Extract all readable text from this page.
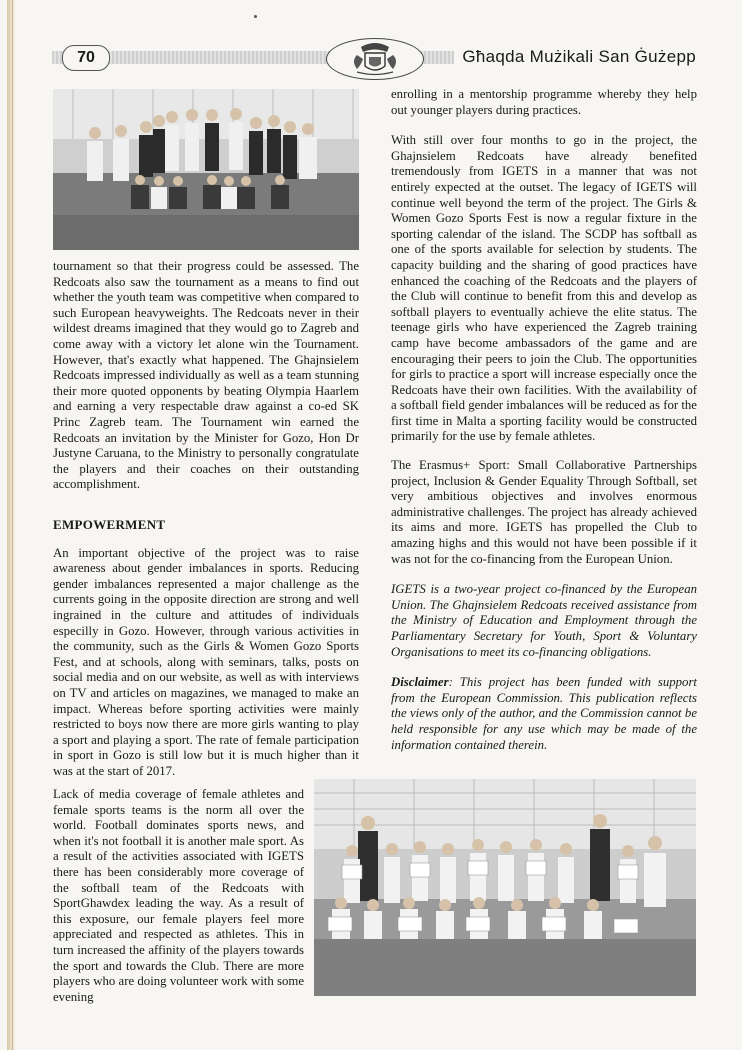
70	Għaqda Mużikali San Ġużepp

tournament so that their progress could be assessed. The Redcoats also saw the tournament as a means to find out whether the youth team was competitive when compared to such European heavyweights. The Redcoats never in their wildest dreams imagined that they would go to Zagreb and come away with a victory let alone win the Tournament. However, that's exactly what happened. The Ghajnsielem Redcoats impressed individually as well as a team stunning their more quoted opponents by beating Olympia Haarlem and earning a very respectable draw against a co-ed SK Princ Zagreb team. The Tournament win earned the Redcoats an invitation by the Minister for Gozo, Hon Dr Justyne Caruana, to the Ministry to personally congratulate the players and their coaches on their outstanding accomplishment.

EMPOWERMENT

An important objective of the project was to raise awareness about gender imbalances in sports. Reducing gender imbalances represented a major challenge as the currents going in the opposite direction are strong and well ingrained in the culture and attitudes of individuals especilly in Gozo. However, through various activities in the community, such as the Girls & Women Gozo Sports Fest, and at schools, along with seminars, talks, posts on social media and on our website, as well as with interviews on TV and articles on magazines, we managed to make an impact. Whereas before sporting activities were mainly restricted to boys now there are more girls wanting to play a sport and playing a sport. The rate of female participation in sport in Gozo is still low but it is much higher than it was at the start of 2017.

Lack of media coverage of female athletes and female sports teams is the norm all over the world. Football dominates sports news, and when it's not football it is another male sport. As a result of the activities associated with IGETS there has been considerably more coverage of the softball team of the Redcoats with SportGhawdex leading the way. As a result of this exposure, our female players feel more appreciated and respected as athletes. This in turn increased the affinity of the players towards the sport and towards the Club. There are more players who are doing volunteer work with some evening

enrolling in a mentorship programme whereby they help out younger players during practices.

With still over four months to go in the project, the Ghajnsielem Redcoats have already benefited tremendously from IGETS in a manner that was not entirely expected at the outset. The legacy of IGETS will continue well beyond the term of the project. The Girls & Women Gozo Sports Fest is now a regular fixture in the sporting calendar of the island. The SCDP has softball as one of the sports available for selection by students. The capacity building and the sharing of good practices have enhanced the coaching of the Redcoats and the players of the Club will continue to benefit from this and develop as softball players to eventually achieve the elite status. The teenage girls who have experienced the Zagreb training camp have become ambassadors of the game and are encouraging their peers to join the Club. The opportunities for girls to practice a sport will increase especially once the Redcoats have their own facilities. With the availability of a softball field gender imbalances will be reduced as for the first time in Malta a sporting facility would be constructed primarily for the use by female athletes.

The Erasmus+ Sport: Small Collaborative Partnerships project, Inclusion & Gender Equality Through Softball, set very ambitious objectives and involves enormous administrative challenges. The project has already achieved its aims and more. IGETS has propelled the Club to amazing highs and this would not have been possible if it was not for the co-financing from the European Union.

IGETS is a two-year project co-financed by the European Union. The Ghajnsielem Redcoats received assistance from the Ministry of Education and Employment through the Parliamentary Secretary for Youth, Sport & Voluntary Organisations to meet its co-financing obligations.

Disclaimer: This project has been funded with support from the European Commission. This publication reflects the views only of the author, and the Commission cannot be held responsible for any use which may be made of the information contained therein.
